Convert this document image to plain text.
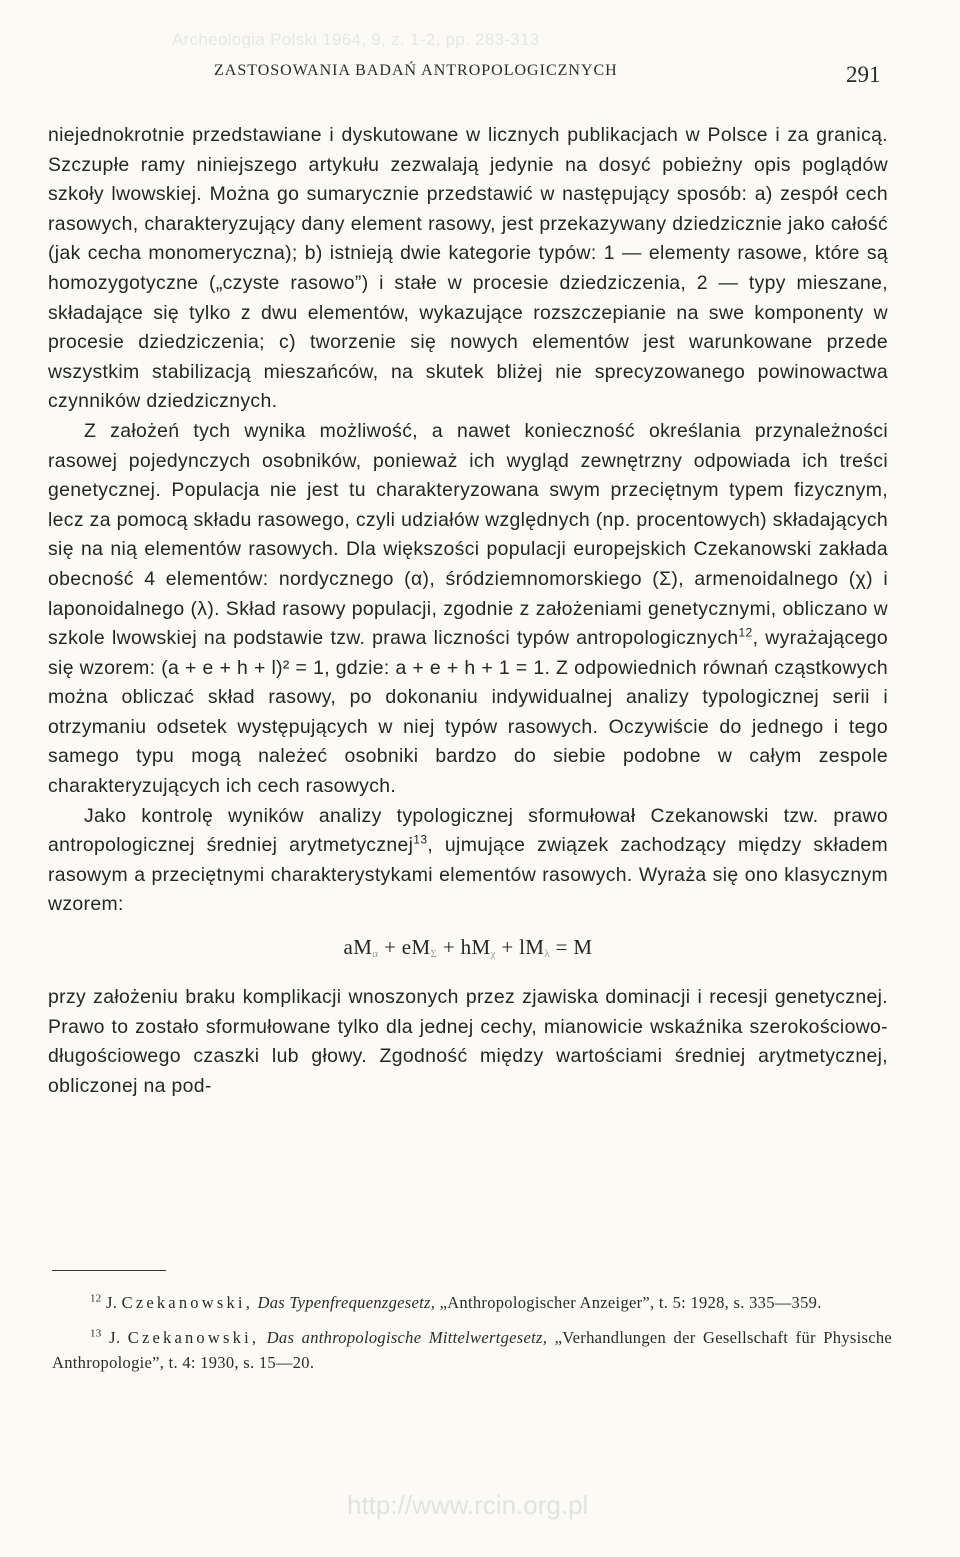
Archeologia Polski 1964, 9, z. 1-2, pp. 283-313
ZASTOSOWANIA BADAŃ ANTROPOLOGICZNYCH	291

niejednokrotnie przedstawiane i dyskutowane w licznych publikacjach w Polsce i za granicą. Szczupłe ramy niniejszego artykułu zezwalają jedynie na dosyć pobieżny opis poglądów szkoły lwowskiej. Można go sumarycznie przedstawić w następujący sposób: a) zespół cech rasowych, charakteryzujący dany element rasowy, jest przekazywany dziedzicznie jako całość (jak cecha monomeryczna); b) istnieją dwie kategorie typów: 1 — elementy rasowe, które są homozygotyczne („czyste rasowo”) i stałe w procesie dziedziczenia, 2 — typy mieszane, składające się tylko z dwu elementów, wykazujące rozszczepianie na swe komponenty w procesie dziedziczenia; c) tworzenie się nowych elementów jest warunkowane przede wszystkim stabilizacją mieszańców, na skutek bliżej nie sprecyzowanego powinowactwa czynników dziedzicznych.

Z założeń tych wynika możliwość, a nawet konieczność określania przynależności rasowej pojedynczych osobników, ponieważ ich wygląd zewnętrzny odpowiada ich treści genetycznej. Populacja nie jest tu charakteryzowana swym przeciętnym typem fizycznym, lecz za pomocą składu rasowego, czyli udziałów względnych (np. procentowych) składających się na nią elementów rasowych. Dla większości populacji europejskich Czekanowski zakłada obecność 4 elementów: nordycznego (α), śródziemnomorskiego (Σ), armenoidalnego (χ) i laponoidalnego (λ). Skład rasowy populacji, zgodnie z założeniami genetycznymi, obliczano w szkole lwowskiej na podstawie tzw. prawa liczności typów antropologicznych$^{12}$, wyrażającego się wzorem: (a + e + h + l)² = 1, gdzie: a + e + h + 1 = 1. Z odpowiednich równań cząstkowych można obliczać skład rasowy, po dokonaniu indywidualnej analizy typologicznej serii i otrzymaniu odsetek występujących w niej typów rasowych. Oczywiście do jednego i tego samego typu mogą należeć osobniki bardzo do siebie podobne w całym zespole charakteryzujących ich cech rasowych.

Jako kontrolę wyników analizy typologicznej sformułował Czekanowski tzw. prawo antropologicznej średniej arytmetycznej$^{13}$, ujmujące związek zachodzący między składem rasowym a przeciętnymi charakterystykami elementów rasowych. Wyraża się ono klasycznym wzorem:

aMα + eMΣ + hMχ + lMλ = M

przy założeniu braku komplikacji wnoszonych przez zjawiska dominacji i recesji genetycznej. Prawo to zostało sformułowane tylko dla jednej cechy, mianowicie wskaźnika szerokościowo-długościowego czaszki lub głowy. Zgodność między wartościami średniej arytmetycznej, obliczonej na pod-

$^{12}$ J. Czekanowski, Das Typenfrequenzgesetz, „Anthropologischer Anzeiger”, t. 5: 1928, s. 335—359.

$^{13}$ J. Czekanowski, Das anthropologische Mittelwertgesetz, „Verhandlungen der Gesellschaft für Physische Anthropologie”, t. 4: 1930, s. 15—20.

http://www.rcin.org.pl
